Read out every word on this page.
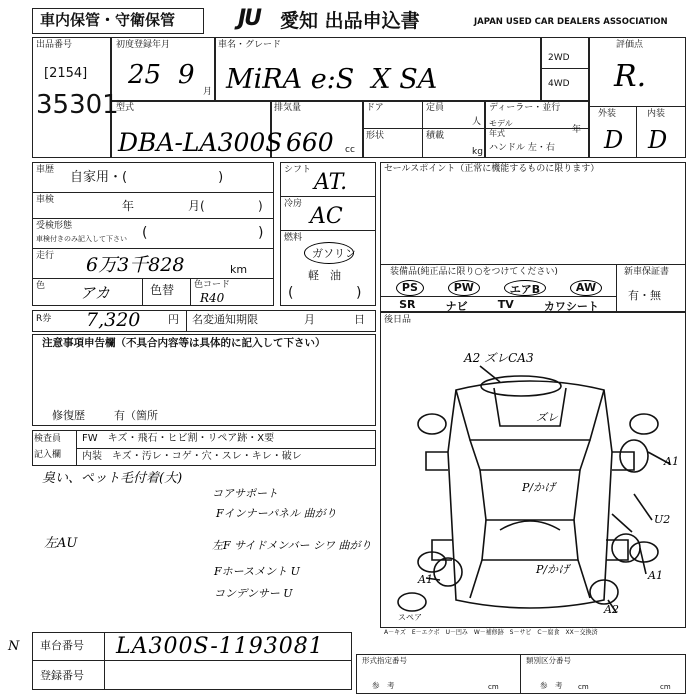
車内保管・守衛保管	JU 愛知 出品申込書	JAPAN USED CAR DEALERS ASSOCIATION
出品番号
[2154]
35301
初度登録年月
25 9
月
車名・グレード
MiRA e:S  X SA
2WD
4WD
評価点
R.
外装	内装
D D
型式
DBA-LA300S
排気量
660 cc
ドア
形状
定員
人
積載
kg
ディーラー・並行
モデル
年式	年
ハンドル 左・右
車歴 自家用・(　　　　　　　)
車検	年	月(	)
受検形態
車検付きのみ記入して下さい (	)
走行 6万3千828	km
色 アカ	色替 色コード
R40
シフト AT.
冷房 AC
燃料
ガソリン
軽　油
(	)
セールスポイント（正常に機能するものに限ります）
装備品(純正品に限り○をつけてください)
PS	PW	エアB	AW
SR	ナビ	TV	カワシート
新車保証書
有・無
R券 7,320	円 名変通知期限	月	日 後日品
注意事項申告欄（不具合内容等は具体的に記入して下さい）
修復歴	有（箇所
検査員
記入欄
FW　キズ・飛石・ヒビ割・リペア跡・X要
内装　キズ・汚レ・コゲ・穴・スレ・キレ・破レ
臭い、ペット毛付着(大)
コアサポート
Fインナーパネル 曲がり
左F サイドメンバー シワ 曲がり
Fホースメント U
コンデンサー U
左AU
A2 ズレCA3
ズレ
P/かげ
P/かげ
A1
U2
A1	A1
A2
スペア
A－キズ　E－エクボ　U－凹み　W－補修跡　S－サビ　C－腐食　XX－交換済
車台番号 LA300S-1193081
登録番号
N
形式指定番号	類別区分番号
参　考	参　考
cm	cm	cm
